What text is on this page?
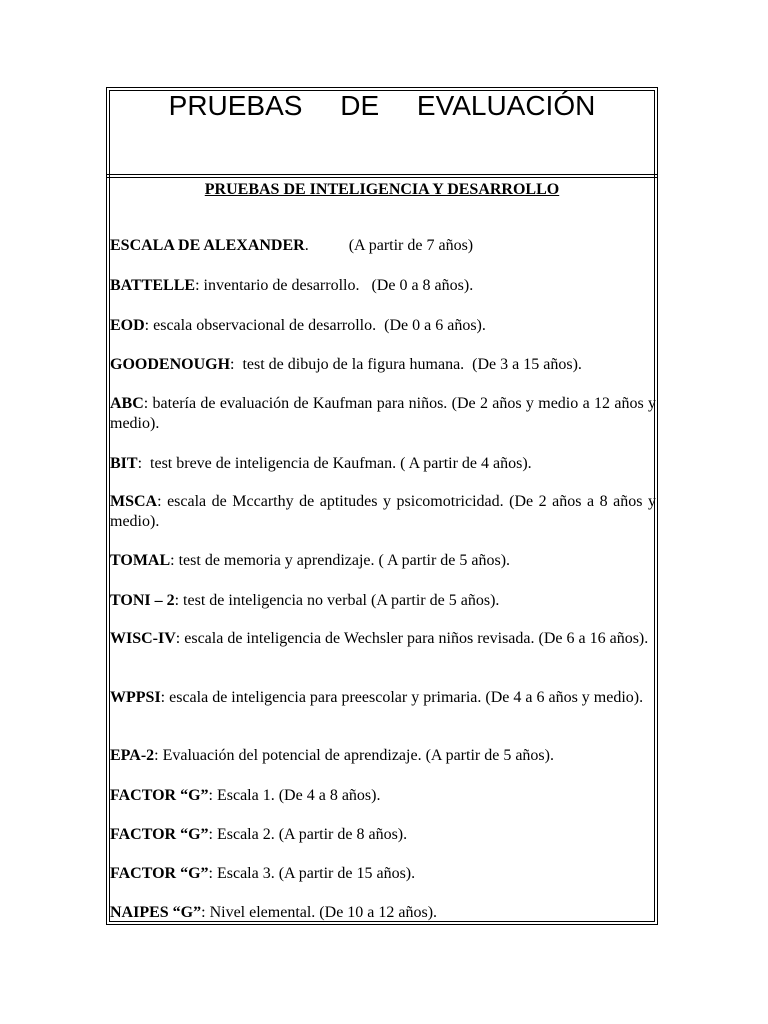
PRUEBAS DE EVALUACIÓN
PRUEBAS DE INTELIGENCIA Y DESARROLLO
ESCALA DE ALEXANDER.          (A partir de 7 años)
BATTELLE: inventario de desarrollo.   (De 0 a 8 años).
EOD: escala observacional de desarrollo.  (De 0 a 6 años).
GOODENOUGH:  test de dibujo de la figura humana.  (De 3 a 15 años).
ABC: batería de evaluación de Kaufman para niños. (De 2 años y medio a 12 años y medio).
BIT:  test breve de inteligencia de Kaufman. ( A partir de 4 años).
MSCA: escala de Mccarthy de aptitudes y psicomotricidad. (De 2 años a 8 años y medio).
TOMAL: test de memoria y aprendizaje. ( A partir de 5 años).
TONI – 2: test de inteligencia no verbal (A partir de 5 años).
WISC-IV: escala de inteligencia de Wechsler para niños revisada. (De 6 a 16 años).
WPPSI: escala de inteligencia para preescolar y primaria. (De 4 a 6 años y medio).
EPA-2: Evaluación del potencial de aprendizaje. (A partir de 5 años).
FACTOR “G”: Escala 1. (De 4 a 8 años).
FACTOR “G”: Escala 2. (A partir de 8 años).
FACTOR “G”: Escala 3. (A partir de 15 años).
NAIPES “G”: Nivel elemental. (De 10 a 12 años).
